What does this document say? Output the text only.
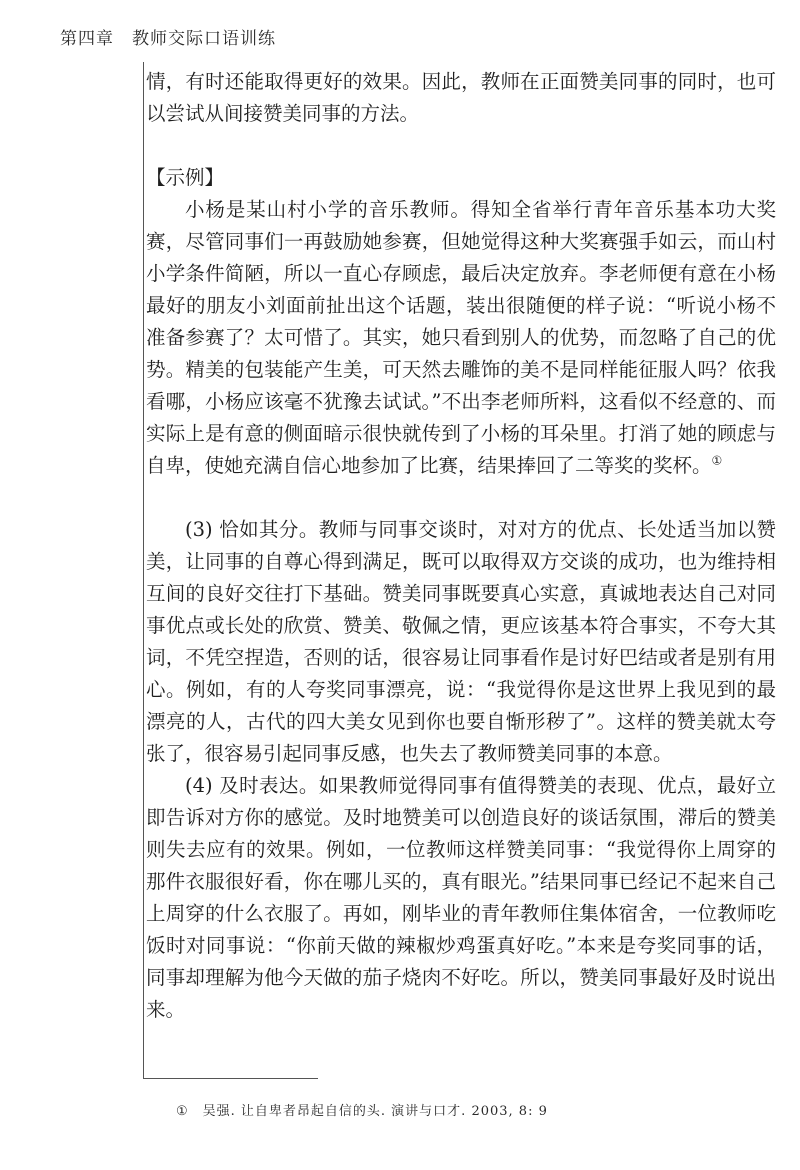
第四章 教师交际口语训练

情，有时还能取得更好的效果。因此，教师在正面赞美同事的同时，也可以尝试从间接赞美同事的方法。

【示例】

小杨是某山村小学的音乐教师。得知全省举行青年音乐基本功大奖赛，尽管同事们一再鼓励她参赛，但她觉得这种大奖赛强手如云，而山村小学条件简陋，所以一直心存顾虑，最后决定放弃。李老师便有意在小杨最好的朋友小刘面前扯出这个话题，装出很随便的样子说：“听说小杨不准备参赛了？太可惜了。其实，她只看到别人的优势，而忽略了自己的优势。精美的包装能产生美，可天然去雕饰的美不是同样能征服人吗？依我看哪，小杨应该毫不犹豫去试试。”不出李老师所料，这看似不经意的、而实际上是有意的侧面暗示很快就传到了小杨的耳朵里。打消了她的顾虑与自卑，使她充满自信心地参加了比赛，结果捧回了二等奖的奖杯。①

(3) 恰如其分。教师与同事交谈时，对对方的优点、长处适当加以赞美，让同事的自尊心得到满足，既可以取得双方交谈的成功，也为维持相互间的良好交往打下基础。赞美同事既要真心实意，真诚地表达自己对同事优点或长处的欣赏、赞美、敬佩之情，更应该基本符合事实，不夸大其词，不凭空捏造，否则的话，很容易让同事看作是讨好巴结或者是别有用心。例如，有的人夸奖同事漂亮，说：“我觉得你是这世界上我见到的最漂亮的人，古代的四大美女见到你也要自惭形秽了”。这样的赞美就太夸张了，很容易引起同事反感，也失去了教师赞美同事的本意。

(4) 及时表达。如果教师觉得同事有值得赞美的表现、优点，最好立即告诉对方你的感觉。及时地赞美可以创造良好的谈话氛围，滞后的赞美则失去应有的效果。例如，一位教师这样赞美同事：“我觉得你上周穿的那件衣服很好看，你在哪儿买的，真有眼光。”结果同事已经记不起来自己上周穿的什么衣服了。再如，刚毕业的青年教师住集体宿舍，一位教师吃饭时对同事说：“你前天做的辣椒炒鸡蛋真好吃。”本来是夸奖同事的话，同事却理解为他今天做的茄子烧肉不好吃。所以，赞美同事最好及时说出来。

① 吴强. 让自卑者昂起自信的头. 演讲与口才. 2003, 8: 9
